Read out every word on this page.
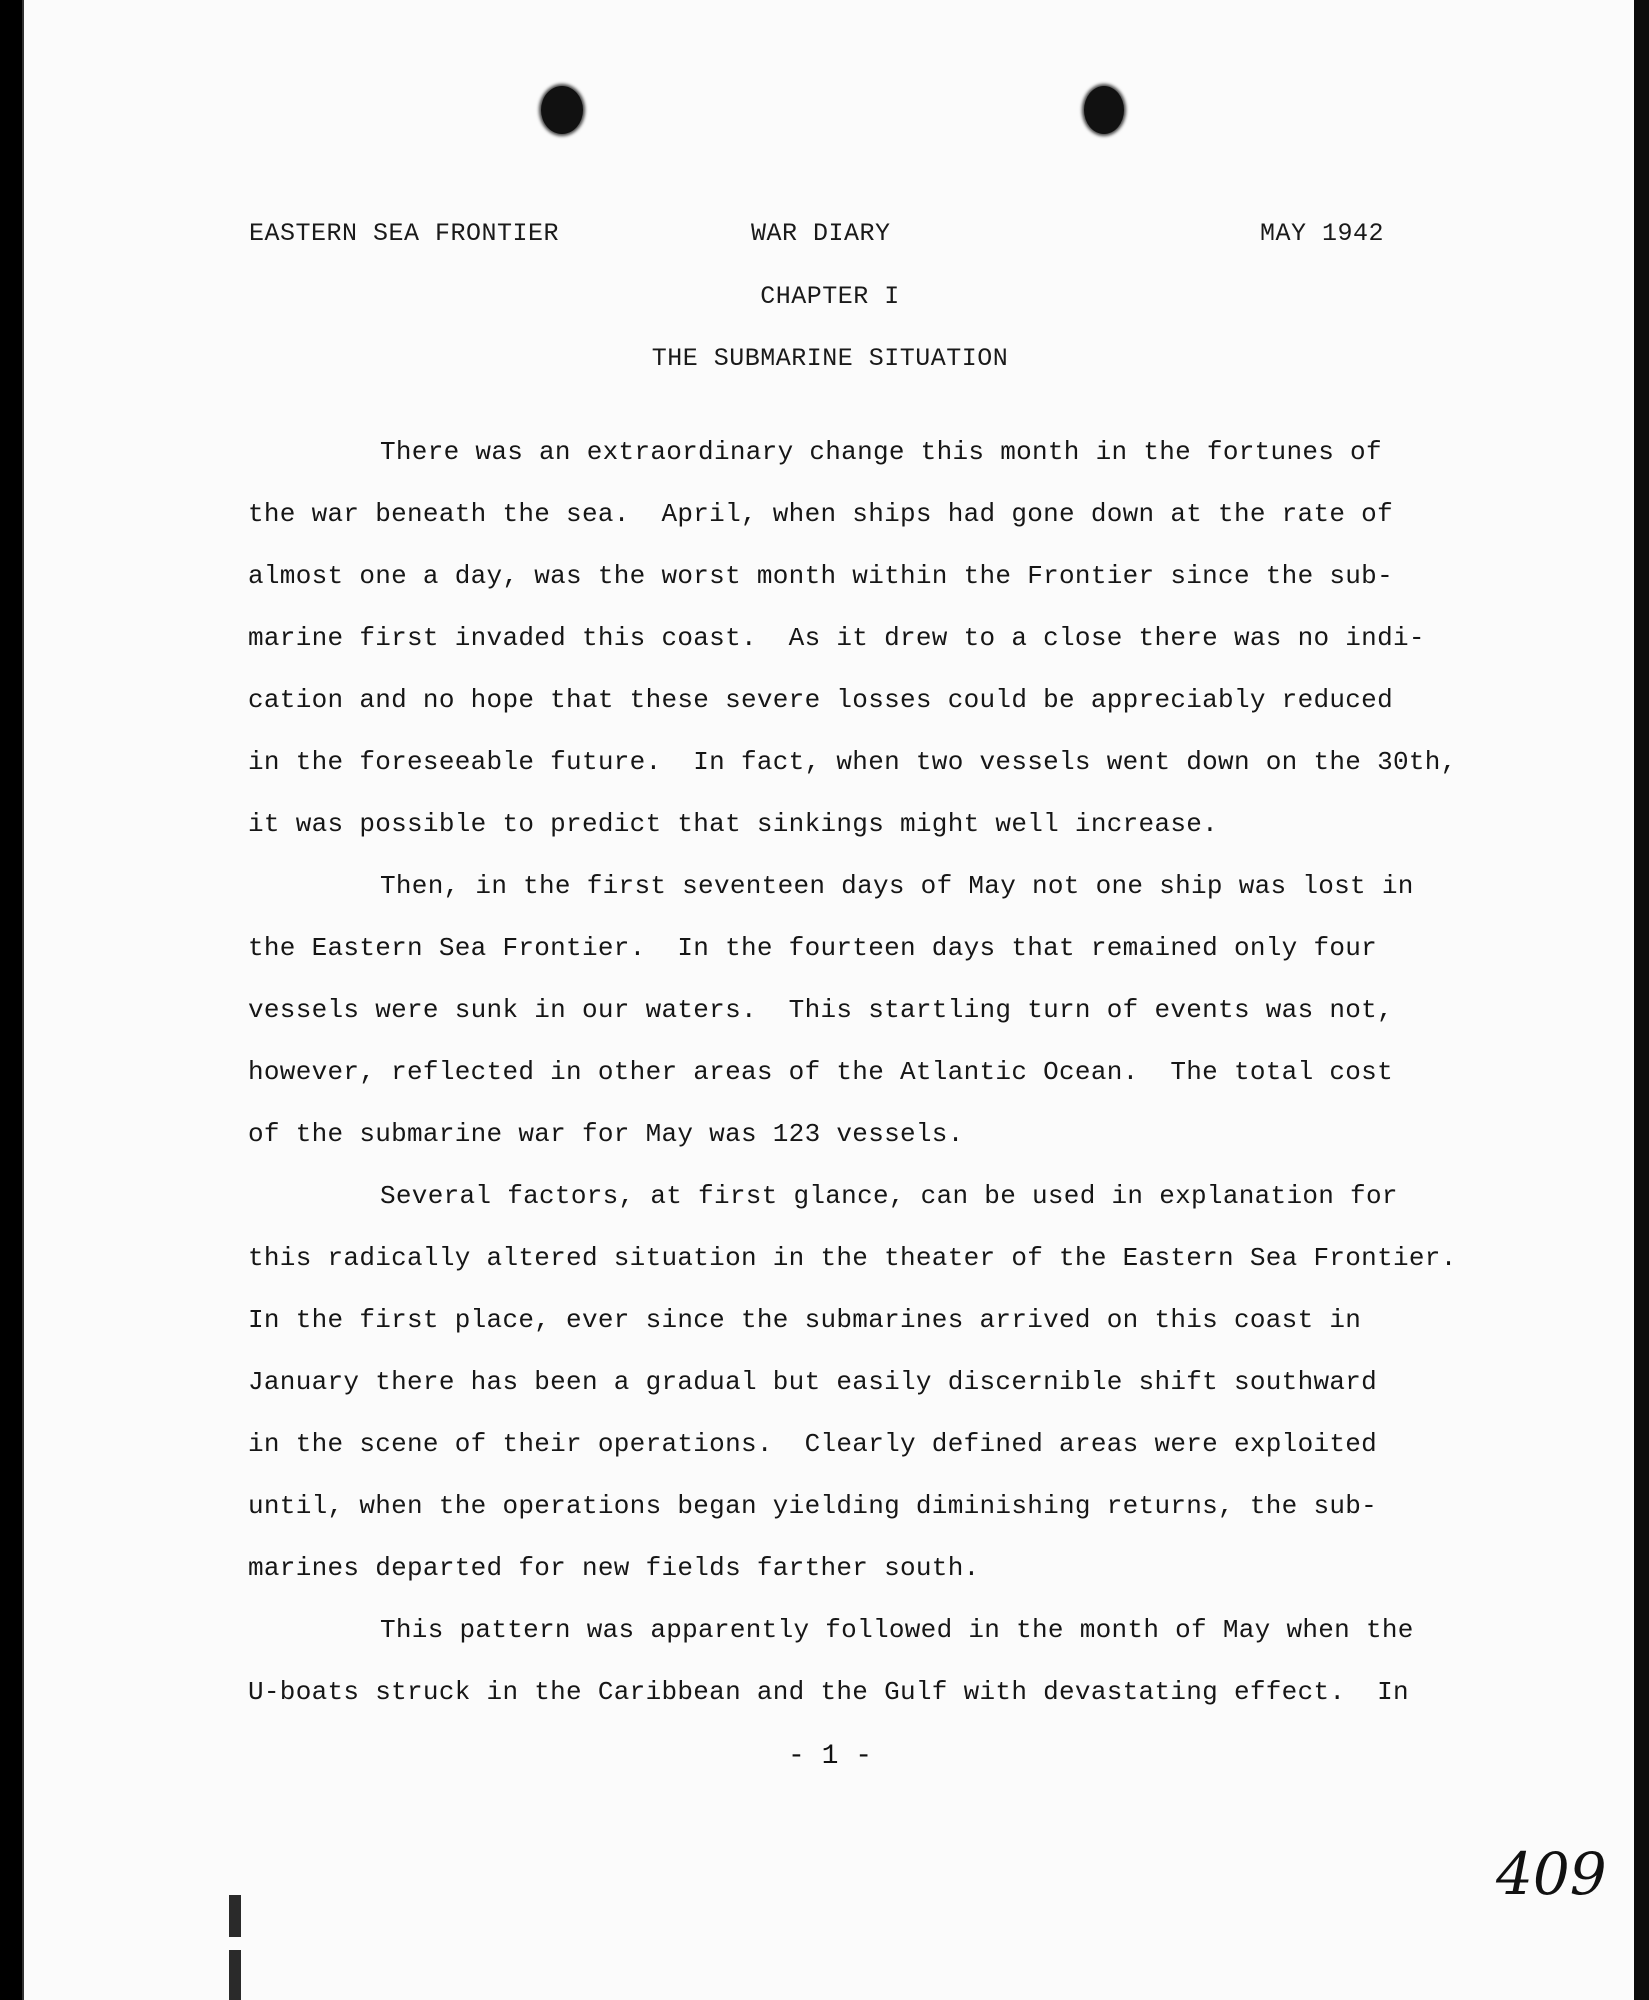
EASTERN SEA FRONTIER	WAR DIARY	MAY 1942
CHAPTER I
THE SUBMARINE SITUATION
There was an extraordinary change this month in the fortunes of
the war beneath the sea.  April, when ships had gone down at the rate of
almost one a day, was the worst month within the Frontier since the sub-
marine first invaded this coast.  As it drew to a close there was no indi-
cation and no hope that these severe losses could be appreciably reduced
in the foreseeable future.  In fact, when two vessels went down on the 30th,
it was possible to predict that sinkings might well increase.
Then, in the first seventeen days of May not one ship was lost in
the Eastern Sea Frontier.  In the fourteen days that remained only four
vessels were sunk in our waters.  This startling turn of events was not,
however, reflected in other areas of the Atlantic Ocean.  The total cost
of the submarine war for May was 123 vessels.
Several factors, at first glance, can be used in explanation for
this radically altered situation in the theater of the Eastern Sea Frontier.
In the first place, ever since the submarines arrived on this coast in
January there has been a gradual but easily discernible shift southward
in the scene of their operations.  Clearly defined areas were exploited
until, when the operations began yielding diminishing returns, the sub-
marines departed for new fields farther south.
This pattern was apparently followed in the month of May when the
U-boats struck in the Caribbean and the Gulf with devastating effect.  In
- 1 -
409
